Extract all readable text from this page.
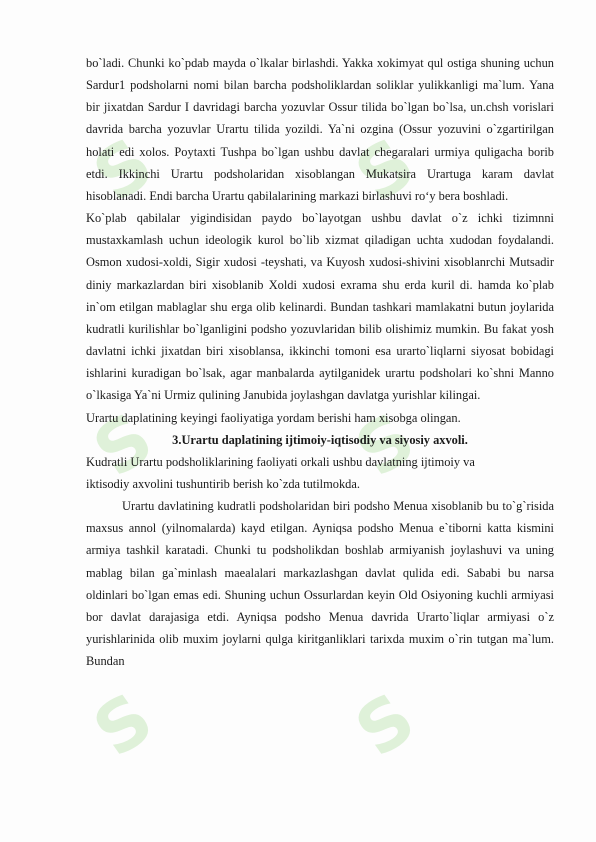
S S
S S
S S

bo`ladi. Chunki ko`pdab mayda o`lkalar birlashdi. Yakka xokimyat qul ostiga shuning uchun Sardur1 podsholarni nomi bilan barcha podsholiklardan soliklar yulikkanligi ma`lum. Yana bir jixatdan Sardur I davridagi barcha yozuvlar Ossur tilida bo`lgan bo`lsa, un.chsh vorislari davrida barcha yozuvlar Urartu tilida yozildi. Ya`ni ozgina (Ossur yozuvini o`zgartirilgan holati edi xolos. Poytaxti Tushpa bo`lgan ushbu davlat chegaralari urmiya quligacha borib etdi. Ikkinchi Urartu podsholaridan xisoblangan Mukatsira Urartuga karam davlat hisoblanadi. Endi barcha Urartu qabilalarining markazi birlashuvi ro‘y bera boshladi.

Ko`plab qabilalar yigindisidan paydo bo`layotgan ushbu davlat o`z ichki tizimnni mustaxkamlash uchun ideologik kurol bo`lib xizmat qiladigan uchta xudodan foydalandi. Osmon xudosi-xoldi, Sigir xudosi -teyshati, va Kuyosh xudosi-shivini xisoblanrchi Mutsadir diniy markazlardan biri xisoblanib Xoldi xudosi exrama shu erda kuril di. hamda ko`plab in`om etilgan mablaglar shu erga olib kelinardi. Bundan tashkari mamlakatni butun joylarida kudratli kurilishlar bo`lganligini podsho yozuvlaridan bilib olishimiz mumkin. Bu fakat yosh davlatni ichki jixatdan biri xisoblansa, ikkinchi tomoni esa urarto`liqlarni siyosat bobidagi ishlarini kuradigan bo`lsak, agar manbalarda aytilganidek urartu podsholari ko`shni Manno o`lkasiga Ya`ni Urmiz qulining Janubida joylashgan davlatga yurishlar kilingai.

Urartu daplatining keyingi faoliyatiga yordam berishi ham xisobga olingan.

3.Urartu daplatining ijtimoiy-iqtisodiy va siyosiy axvoli.

Kudratli Urartu podsholiklarining faoliyati orkali ushbu davlatning ijtimoiy va

iktisodiy axvolini tushuntirib berish ko`zda tutilmokda.

Urartu davlatining kudratli podsholaridan biri podsho Menua xisoblanib bu to`g`risida maxsus annol (yilnomalarda) kayd etilgan. Ayniqsa podsho Menua e`tiborni katta kismini armiya tashkil karatadi. Chunki tu podsholikdan boshlab armiyanish joylashuvi va uning mablag bilan ga`minlash maealalari markazlashgan davlat qulida edi. Sababi bu narsa oldinlari bo`lgan emas edi. Shuning uchun Ossurlardan keyin Old Osiyoning kuchli armiyasi bor davlat darajasiga etdi. Ayniqsa podsho Menua davrida Urarto`liqlar armiyasi o`z yurishlarinida olib muxim joylarni qulga kiritganliklari tarixda muxim o`rin tutgan ma`lum. Bundan
